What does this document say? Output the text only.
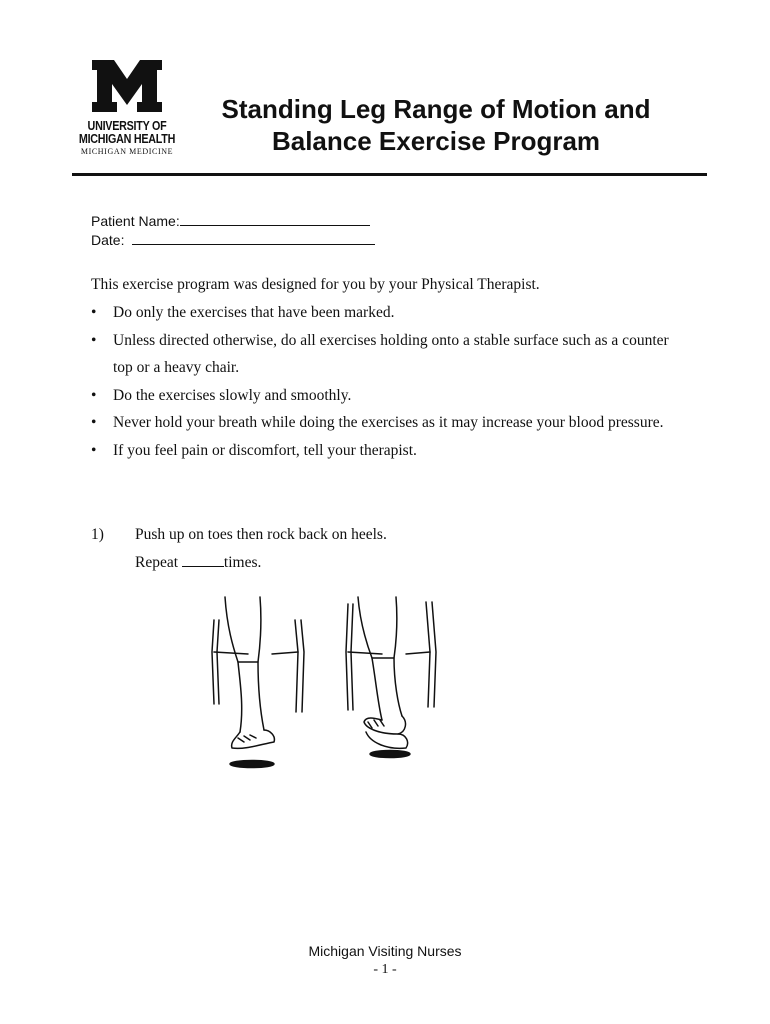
UNIVERSITY OF
MICHIGAN HEALTH
MICHIGAN MEDICINE
Standing Leg Range of Motion and
Balance Exercise Program
Patient Name:
Date:
This exercise program was designed for you by your Physical Therapist.
• Do only the exercises that have been marked.
• Unless directed otherwise, do all exercises holding onto a stable surface such as a counter top or a heavy chair.
• Do the exercises slowly and smoothly.
• Never hold your breath while doing the exercises as it may increase your blood pressure.
• If you feel pain or discomfort, tell your therapist.
1) Push up on toes then rock back on heels.
Repeat	times.
Michigan Visiting Nurses
- 1 -
